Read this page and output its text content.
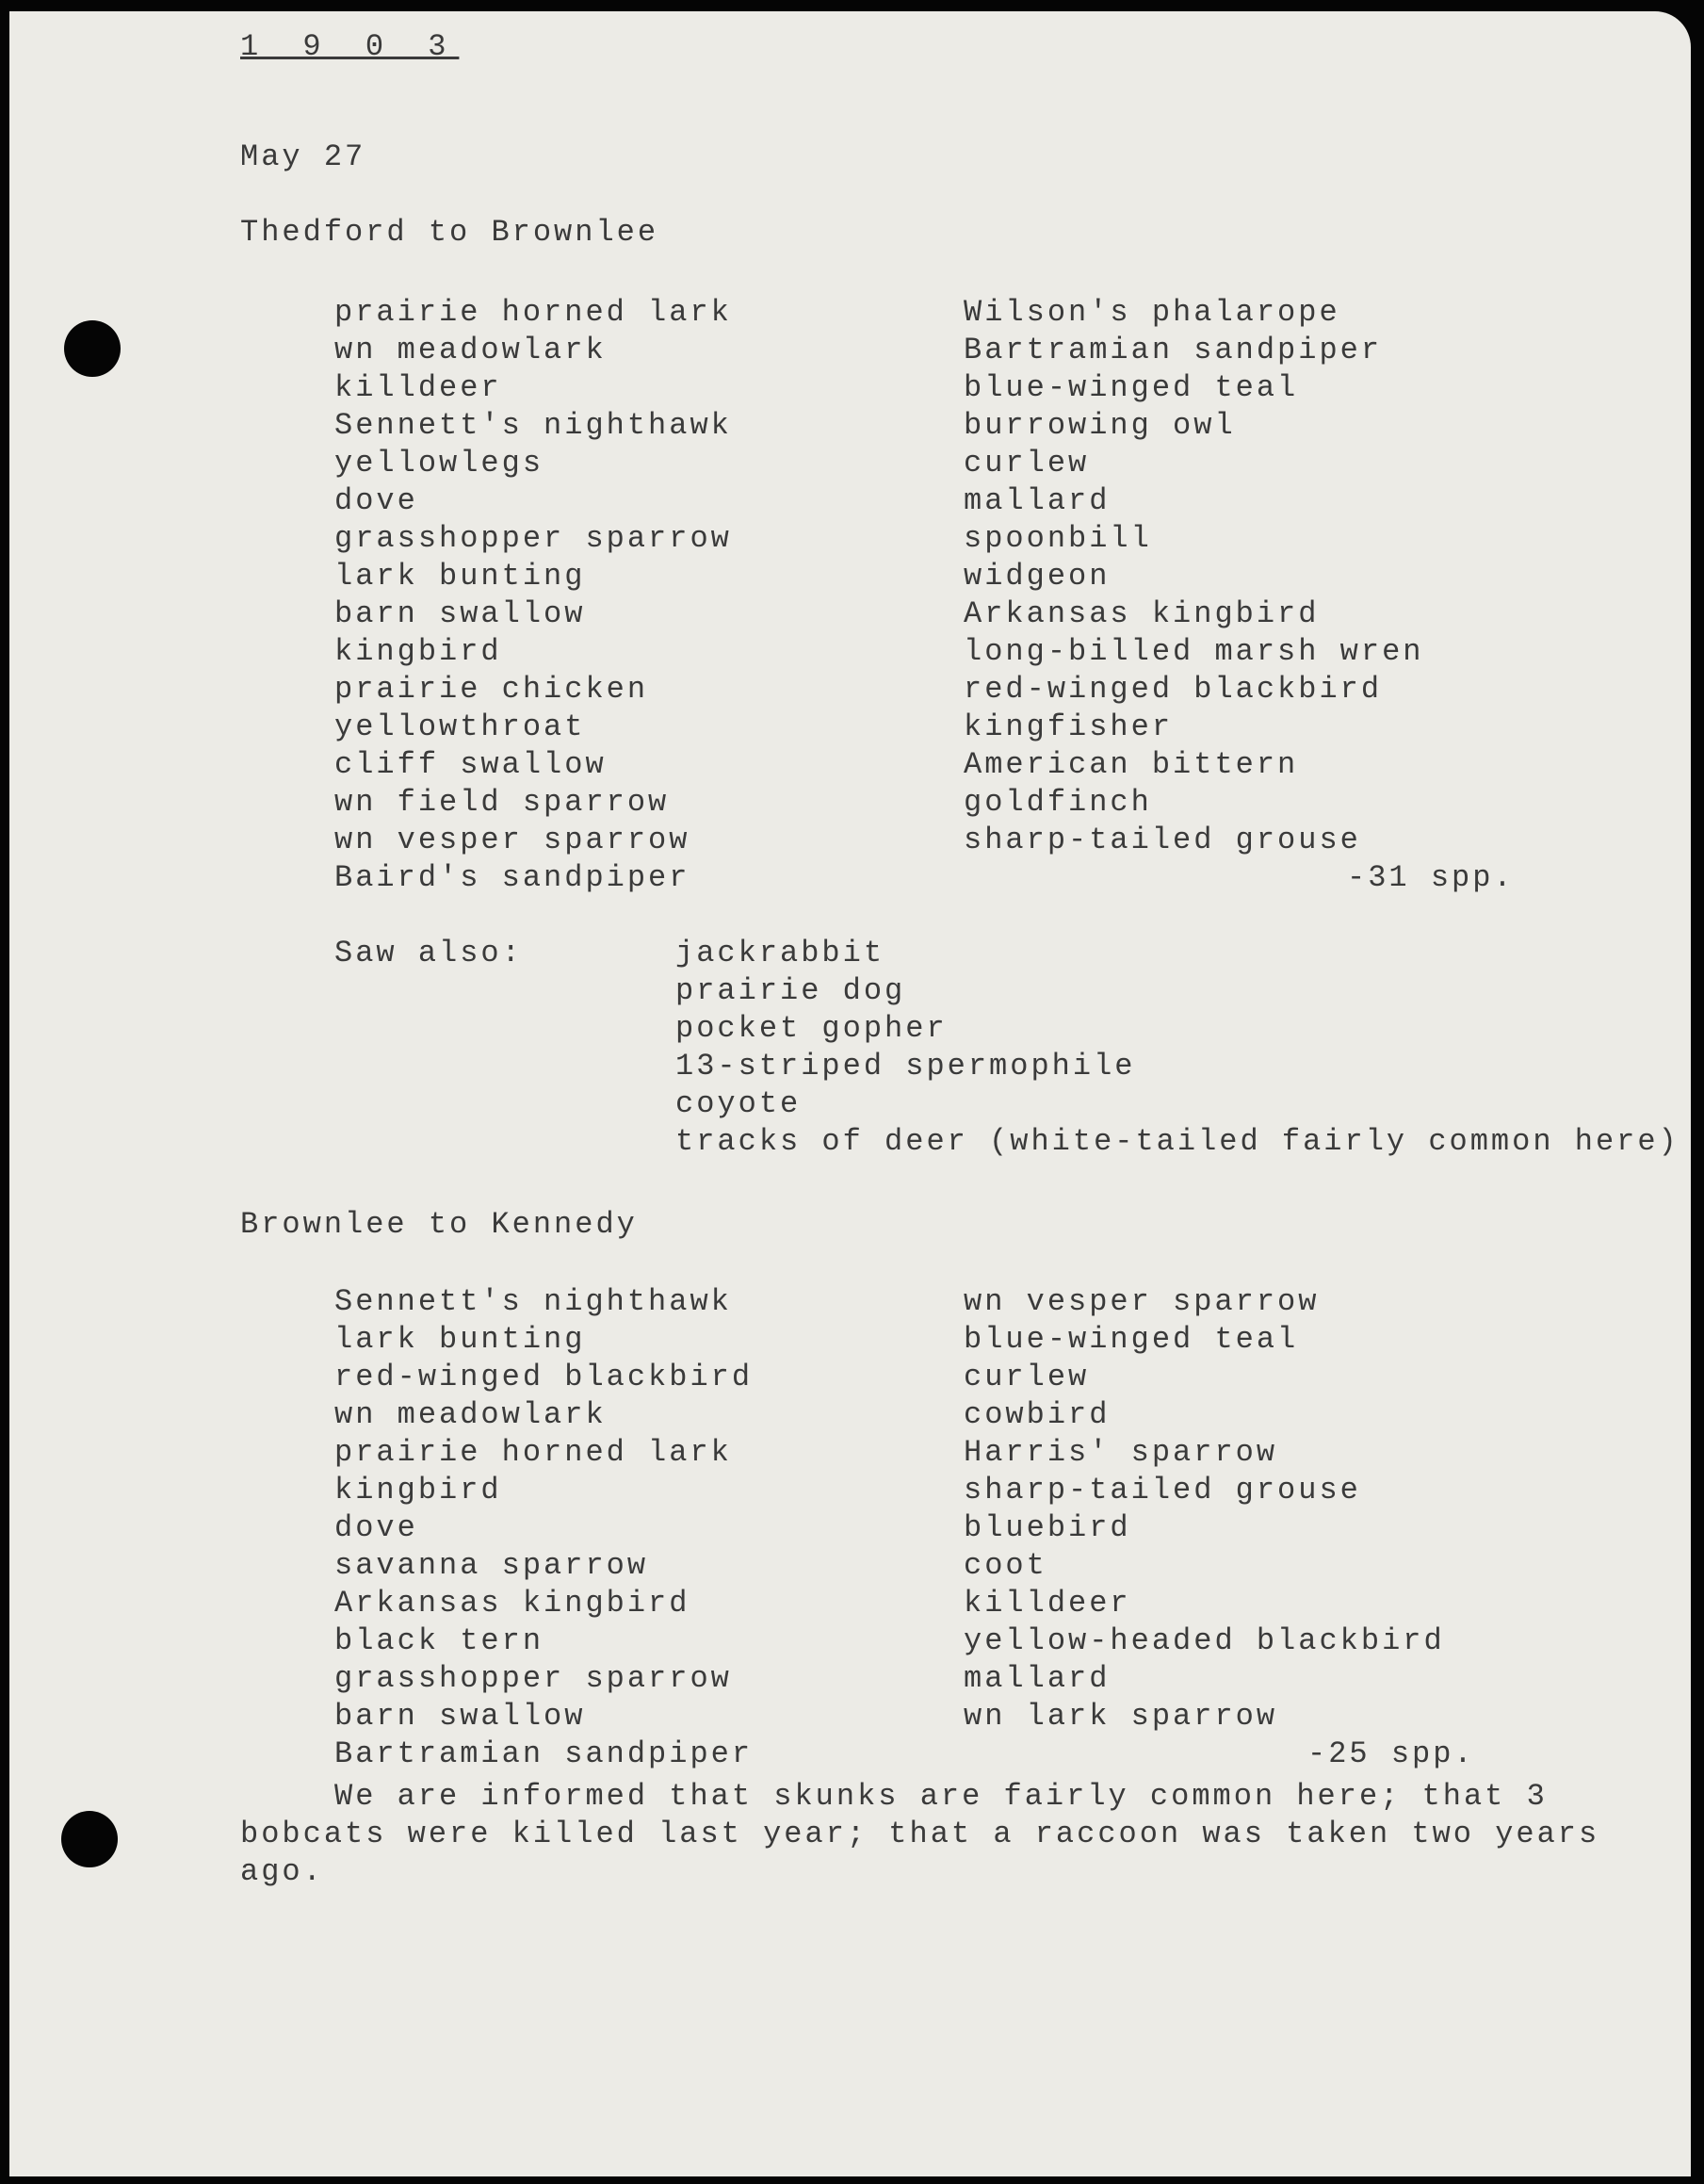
1 9 0 3
May 27
Thedford to Brownlee
prairie horned lark
wn meadowlark
killdeer
Sennett's nighthawk
yellowlegs
dove
grasshopper sparrow
lark bunting
barn swallow
kingbird
prairie chicken
yellowthroat
cliff swallow
wn field sparrow
wn vesper sparrow
Baird's sandpiper
Wilson's phalarope
Bartramian sandpiper
blue-winged teal
burrowing owl
curlew
mallard
spoonbill
widgeon
Arkansas kingbird
long-billed marsh wren
red-winged blackbird
kingfisher
American bittern
goldfinch
sharp-tailed grouse
-31 spp.
Saw also:	jackrabbit
prairie dog
pocket gopher
13-striped spermophile
coyote
tracks of deer (white-tailed fairly common here)
Brownlee to Kennedy
Sennett's nighthawk
lark bunting
red-winged blackbird
wn meadowlark
prairie horned lark
kingbird
dove
savanna sparrow
Arkansas kingbird
black tern
grasshopper sparrow
barn swallow
Bartramian sandpiper
wn vesper sparrow
blue-winged teal
curlew
cowbird
Harris' sparrow
sharp-tailed grouse
bluebird
coot
killdeer
yellow-headed blackbird
mallard
wn lark sparrow
-25 spp.

We are informed that skunks are fairly common here; that 3 bobcats were killed last year; that a raccoon was taken two years ago.
